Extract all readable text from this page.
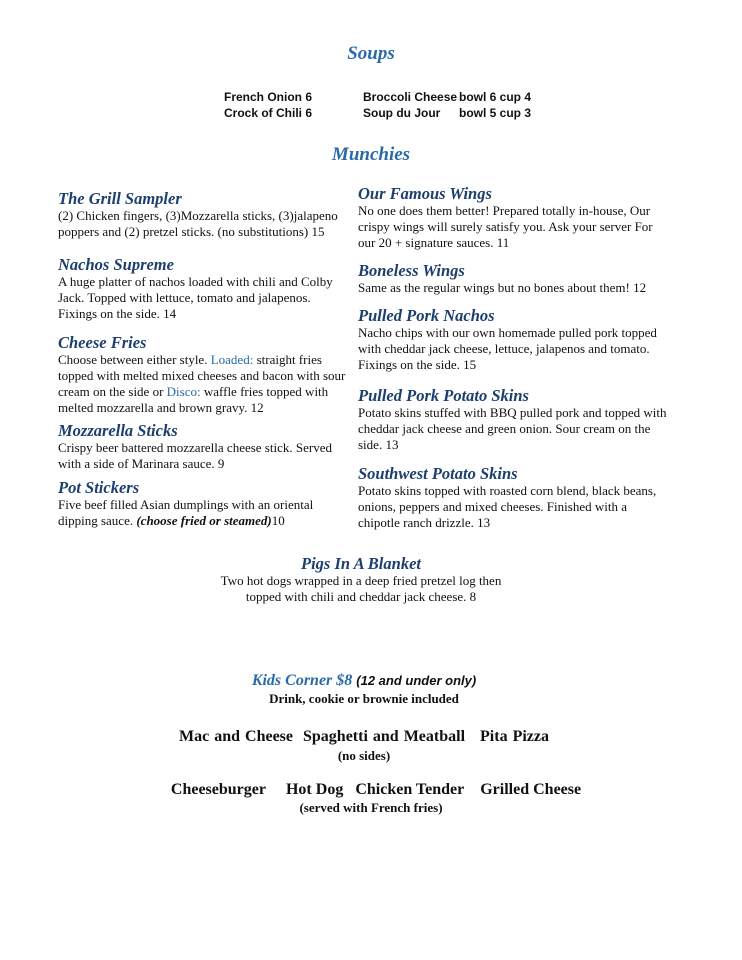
Soups
French Onion 6	Broccoli Cheese bowl 6 cup 4
Crock of Chili 6	Soup du Jour bowl 5 cup 3
Munchies
The Grill Sampler
(2) Chicken fingers, (3)Mozzarella sticks, (3)jalapeno poppers and (2) pretzel sticks. (no substitutions) 15
Nachos Supreme
A huge platter of nachos loaded with chili and Colby Jack. Topped with lettuce, tomato and jalapenos. Fixings on the side. 14
Cheese Fries
Choose between either style. Loaded: straight fries topped with melted mixed cheeses and bacon with sour cream on the side or Disco: waffle fries topped with melted mozzarella and brown gravy. 12
Mozzarella Sticks
Crispy beer battered mozzarella cheese stick. Served with a side of Marinara sauce. 9
Pot Stickers
Five beef filled Asian dumplings with an oriental dipping sauce. (choose fried or steamed)10
Our Famous Wings
No one does them better! Prepared totally in-house, Our crispy wings will surely satisfy you. Ask your server For our 20 + signature sauces. 11
Boneless Wings
Same as the regular wings but no bones about them! 12
Pulled Pork Nachos
Nacho chips with our own homemade pulled pork topped with cheddar jack cheese, lettuce, jalapenos and tomato. Fixings on the side. 15
Pulled Pork Potato Skins
Potato skins stuffed with BBQ pulled pork and topped with cheddar jack cheese and green onion. Sour cream on the side. 13
Southwest Potato Skins
Potato skins topped with roasted corn blend, black beans, onions, peppers and mixed cheeses. Finished with a chipotle ranch drizzle. 13
Pigs In A Blanket
Two hot dogs wrapped in a deep fried pretzel log then
topped with chili and cheddar jack cheese. 8
Kids Corner $8 (12 and under only)
Drink, cookie or brownie included
Mac and Cheese Spaghetti and Meatball Pita Pizza
(no sides)
Cheeseburger Hot Dog Chicken Tender Grilled Cheese
(served with French fries)
